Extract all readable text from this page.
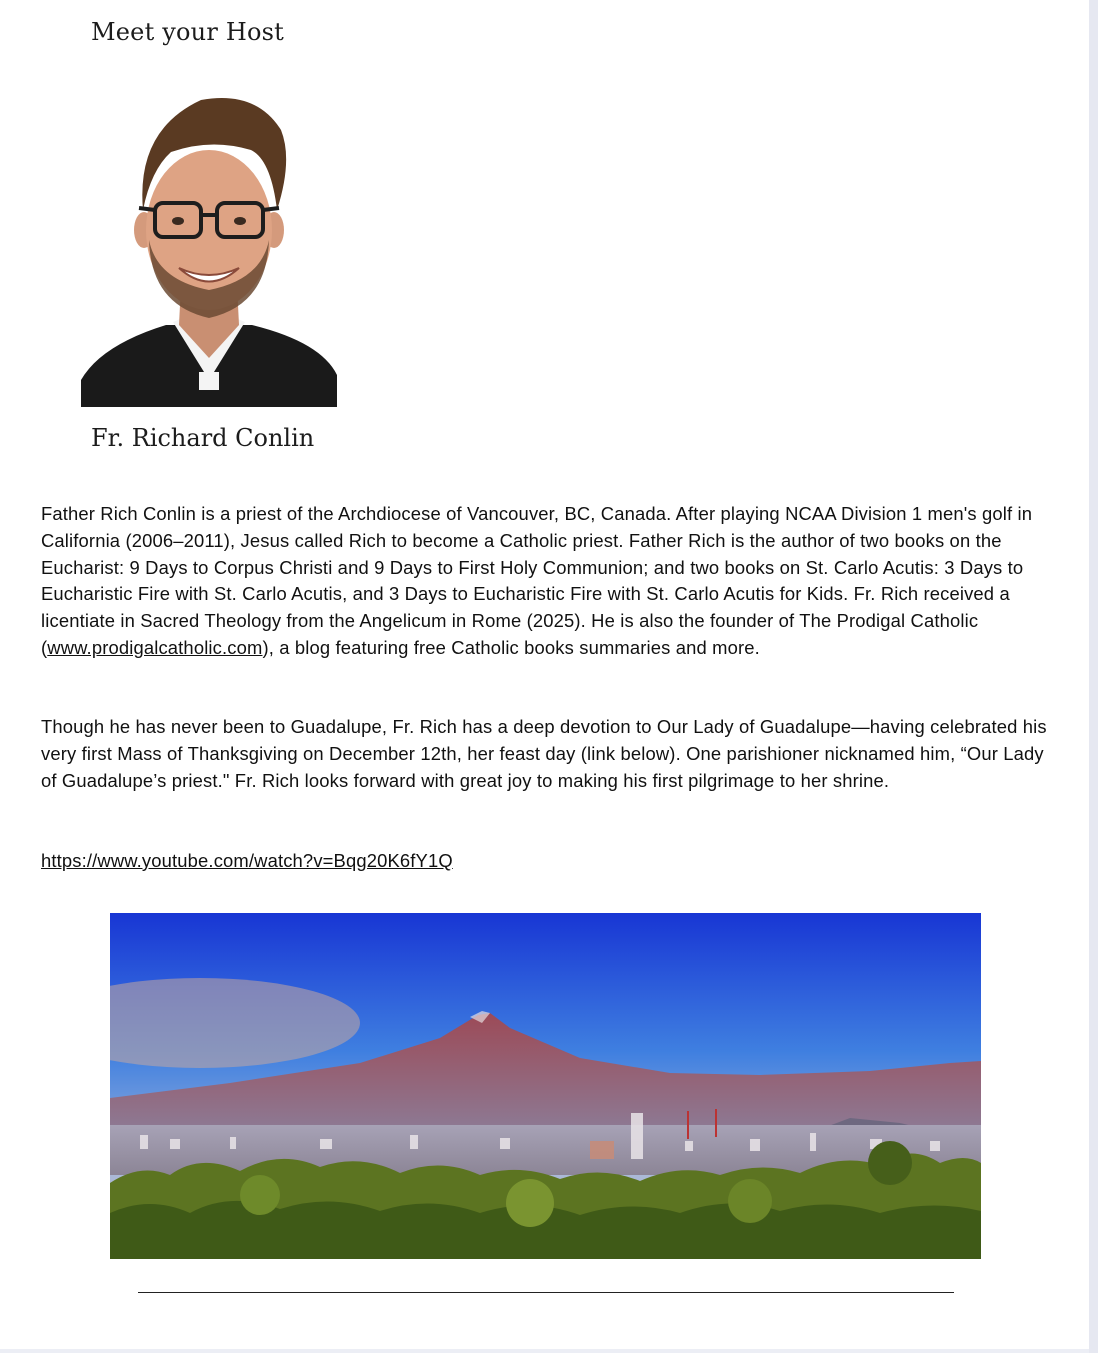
Meet your Host
Fr. Richard Conlin

Father Rich Conlin is a priest of the Archdiocese of Vancouver, BC, Canada. After playing NCAA Division 1 men's golf in California (2006–2011), Jesus called Rich to become a Catholic priest. Father Rich is the author of two books on the Eucharist: 9 Days to Corpus Christi and 9 Days to First Holy Communion; and two books on St. Carlo Acutis: 3 Days to Eucharistic Fire with St. Carlo Acutis, and 3 Days to Eucharistic Fire with St. Carlo Acutis for Kids. Fr. Rich received a licentiate in Sacred Theology from the Angelicum in Rome (2025). He is also the founder of The Prodigal Catholic (www.prodigalcatholic.com), a blog featuring free Catholic books summaries and more.

Though he has never been to Guadalupe, Fr. Rich has a deep devotion to Our Lady of Guadalupe—having celebrated his very first Mass of Thanksgiving on December 12th, her feast day (link below). One parishioner nicknamed him, “Our Lady of Guadalupe’s priest." Fr. Rich looks forward with great joy to making his first pilgrimage to her shrine.

https://www.youtube.com/watch?v=Bqg20K6fY1Q
